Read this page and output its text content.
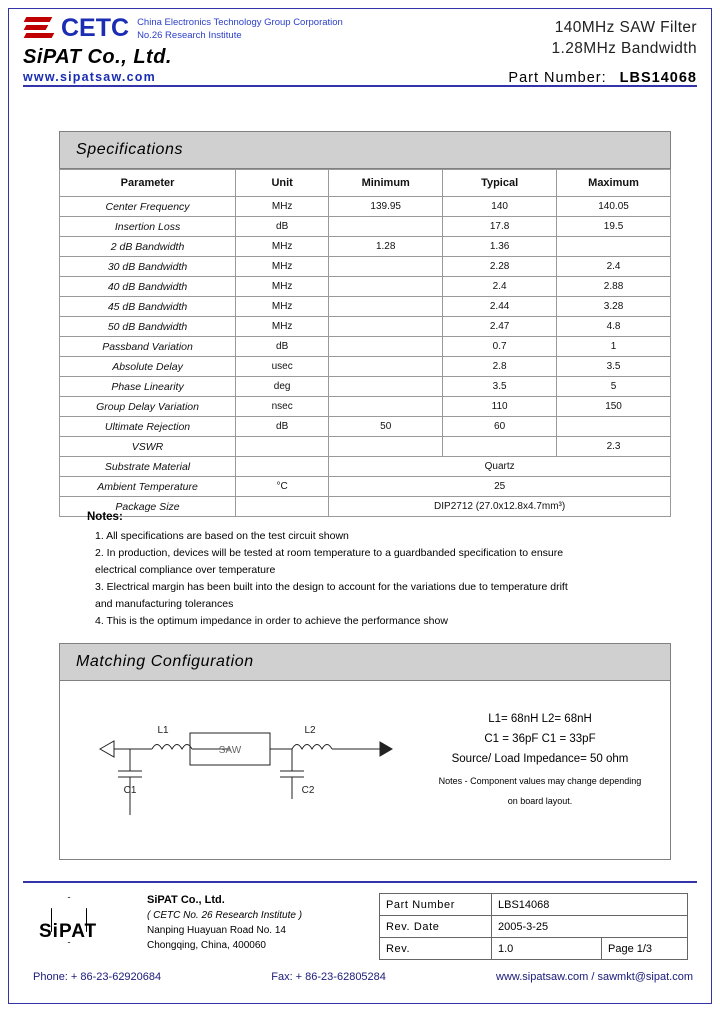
CETC China Electronics Technology Group Corporation
No.26 Research Institute
SiPAT Co., Ltd.
www.sipatsaw.com
140MHz SAW Filter
1.28MHz Bandwidth
Part Number: LBS14068
Specifications
Parameter	Unit	Minimum	Typical	Maximum
Center Frequency	MHz	139.95	140	140.05
Insertion Loss	dB		17.8	19.5
2 dB Bandwidth	MHz	1.28	1.36	
30 dB Bandwidth	MHz		2.28	2.4
40 dB Bandwidth	MHz		2.4	2.88
45 dB Bandwidth	MHz		2.44	3.28
50 dB Bandwidth	MHz		2.47	4.8
Passband Variation	dB		0.7	1
Absolute Delay	usec		2.8	3.5
Phase Linearity	deg		3.5	5
Group Delay Variation	nsec		110	150
Ultimate Rejection	dB	50	60	
VSWR				2.3
Substrate Material		Quartz		
Ambient Temperature	°C	25		
Package Size		DIP2712 (27.0x12.8x4.7mm³)		
Notes:
1. All specifications are based on the test circuit shown
2. In production, devices will be tested at room temperature to a guardbanded specification to ensure
electrical compliance over temperature
3. Electrical margin has been built into the design to account for the variations due to temperature drift
and manufacturing tolerances
4. This is the optimum impedance in order to achieve the performance show
Matching Configuration
SAW
L1	L2
C1	C2
L1= 68nH L2= 68nH
C1 = 36pF C1 = 33pF
Source/ Load Impedance= 50 ohm
Notes - Component values may change depending
on board layout.
SiPAT
SiPAT Co., Ltd.
( CETC No. 26 Research Institute )
Nanping Huayuan Road No. 14
Chongqing, China, 400060
Part Number	LBS14068	
Rev. Date	2005-3-25	
Rev.	1.0	Page 1/3
Phone: + 86-23-62920684	Fax: + 86-23-62805284	www.sipatsaw.com / sawmkt@sipat.com
